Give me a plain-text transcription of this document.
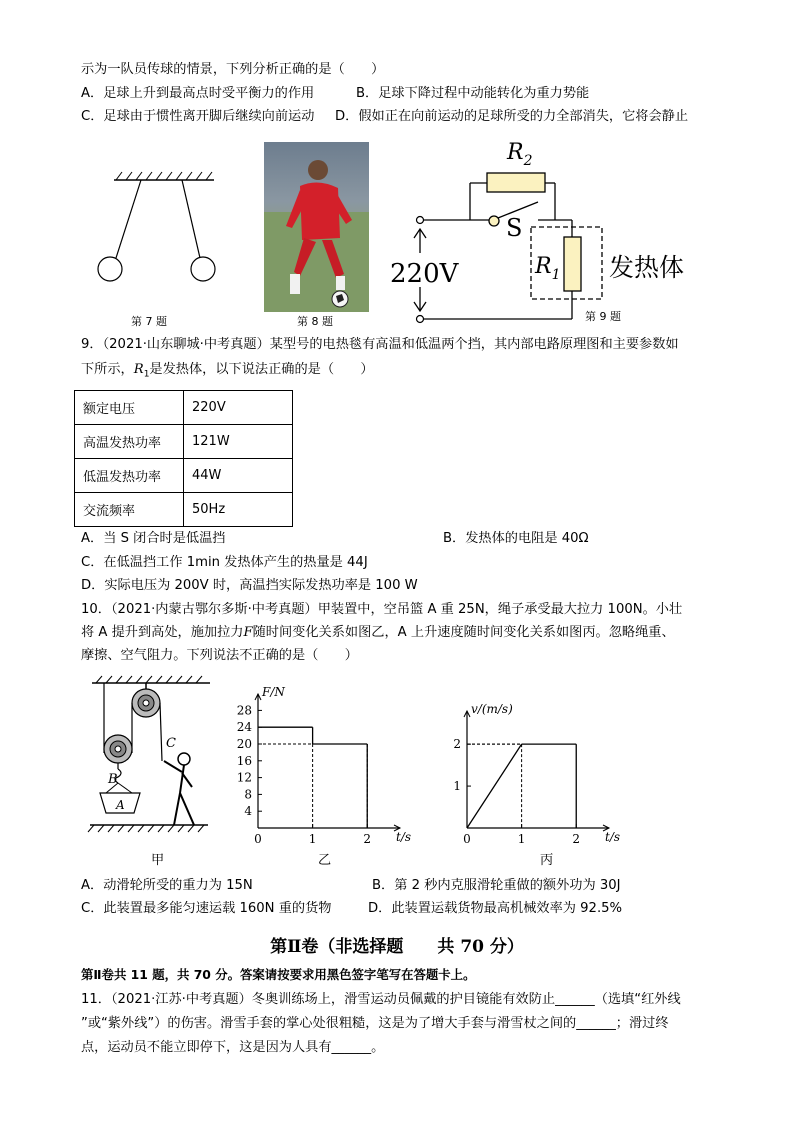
示为一队员传球的情景，下列分析正确的是（　　）
A．足球上升到最高点时受平衡力的作用	B．足球下降过程中动能转化为重力势能
C．足球由于惯性离开脚后继续向前运动 D．假如正在向前运动的足球所受的力全部消失，它将会静止
第 7 题	第 8 题
$R_2$
S
$R_1$
220V	发热体
第 9 题
9．（2021·山东聊城·中考真题）某型号的电热毯有高温和低温两个挡，其内部电路原理图和主要参数如
下所示，$R_1$是发热体，以下说法正确的是（　　）
额定电压	220V
高温发热功率	121W
低温发热功率	44W
交流频率	50Hz
A．当 S 闭合时是低温挡	B．发热体的电阻是 40Ω
C．在低温挡工作 1min 发热体产生的热量是 44J
D．实际电压为 200V 时，高温挡实际发热功率是 100 W
10．（2021·内蒙古鄂尔多斯·中考真题）甲装置中，空吊篮 A 重 25N，绳子承受最大拉力 100N。小壮
将 A 提升到高处，施加拉力F随时间变化关系如图乙，A 上升速度随时间变化关系如图丙。忽略绳重、
摩擦、空气阻力。下列说法不正确的是（　　）
C
B
A	4
8
12
16
20
24
28
0	1	2 t/s
F/N
1
2
0	1	2 t/s
v/(m/s)
甲	乙	丙
A．动滑轮所受的重力为 15N	B．第 2 秒内克服滑轮重做的额外功为 30J
C．此装置最多能匀速运载 160N 重的货物	D．此装置运载货物最高机械效率为 92.5%
第Ⅱ卷（非选择题　　共 70 分）
第Ⅱ卷共 11 题，共 70 分。答案请按要求用黑色签字笔写在答题卡上。
11．（2021·江苏·中考真题）冬奥训练场上，滑雪运动员佩戴的护目镜能有效防止______（选填“红外线
”或“紫外线”）的伤害。滑雪手套的掌心处很粗糙，这是为了增大手套与滑雪杖之间的______；滑过终
点，运动员不能立即停下，这是因为人具有______。
